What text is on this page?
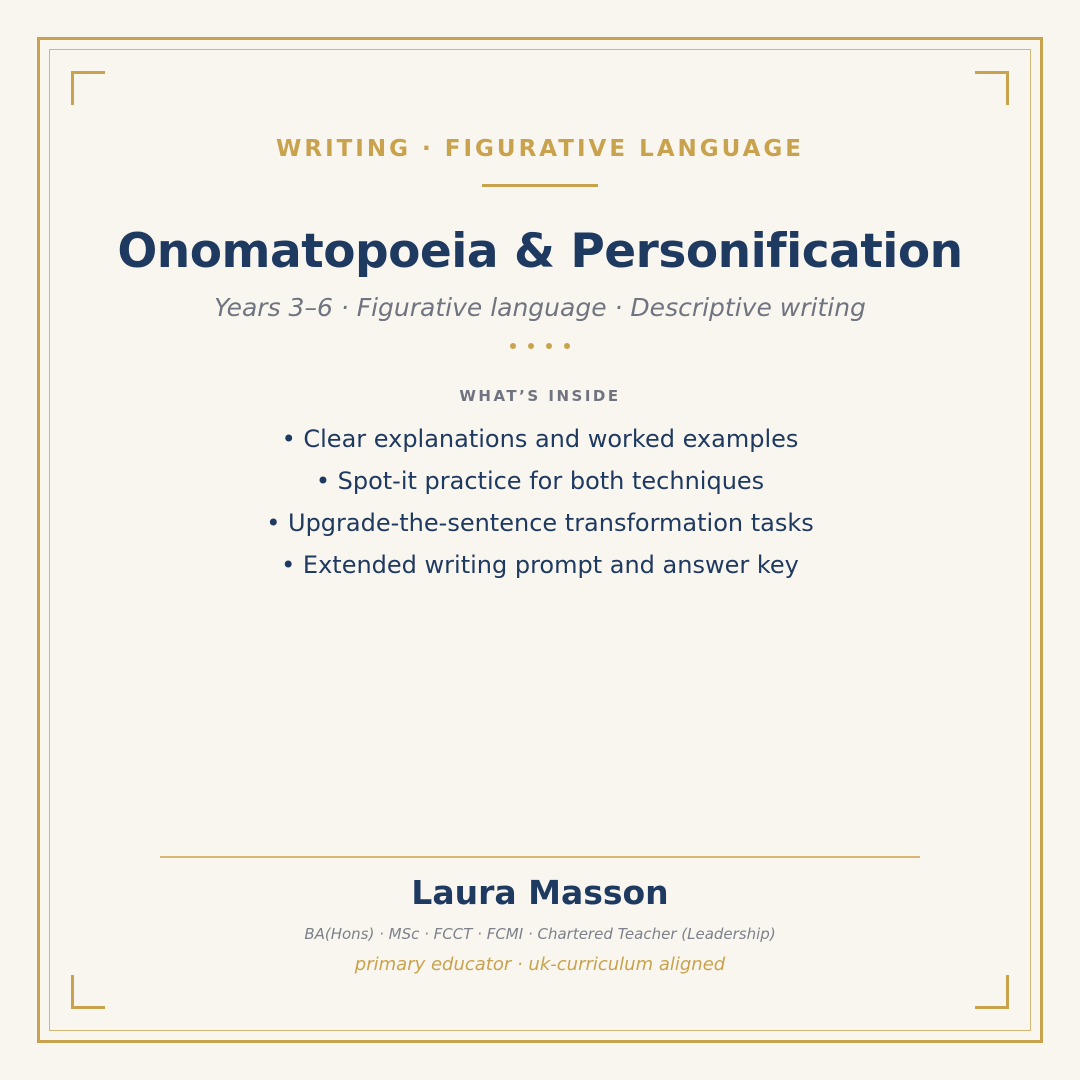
WRITING · FIGURATIVE LANGUAGE
Onomatopoeia & Personification
Years 3–6 · Figurative language · Descriptive writing
WHAT’S INSIDE
• Clear explanations and worked examples
• Spot-it practice for both techniques
• Upgrade-the-sentence transformation tasks
• Extended writing prompt and answer key
Laura Masson
BA(Hons) · MSc · FCCT · FCMI · Chartered Teacher (Leadership)
primary educator · uk-curriculum aligned
